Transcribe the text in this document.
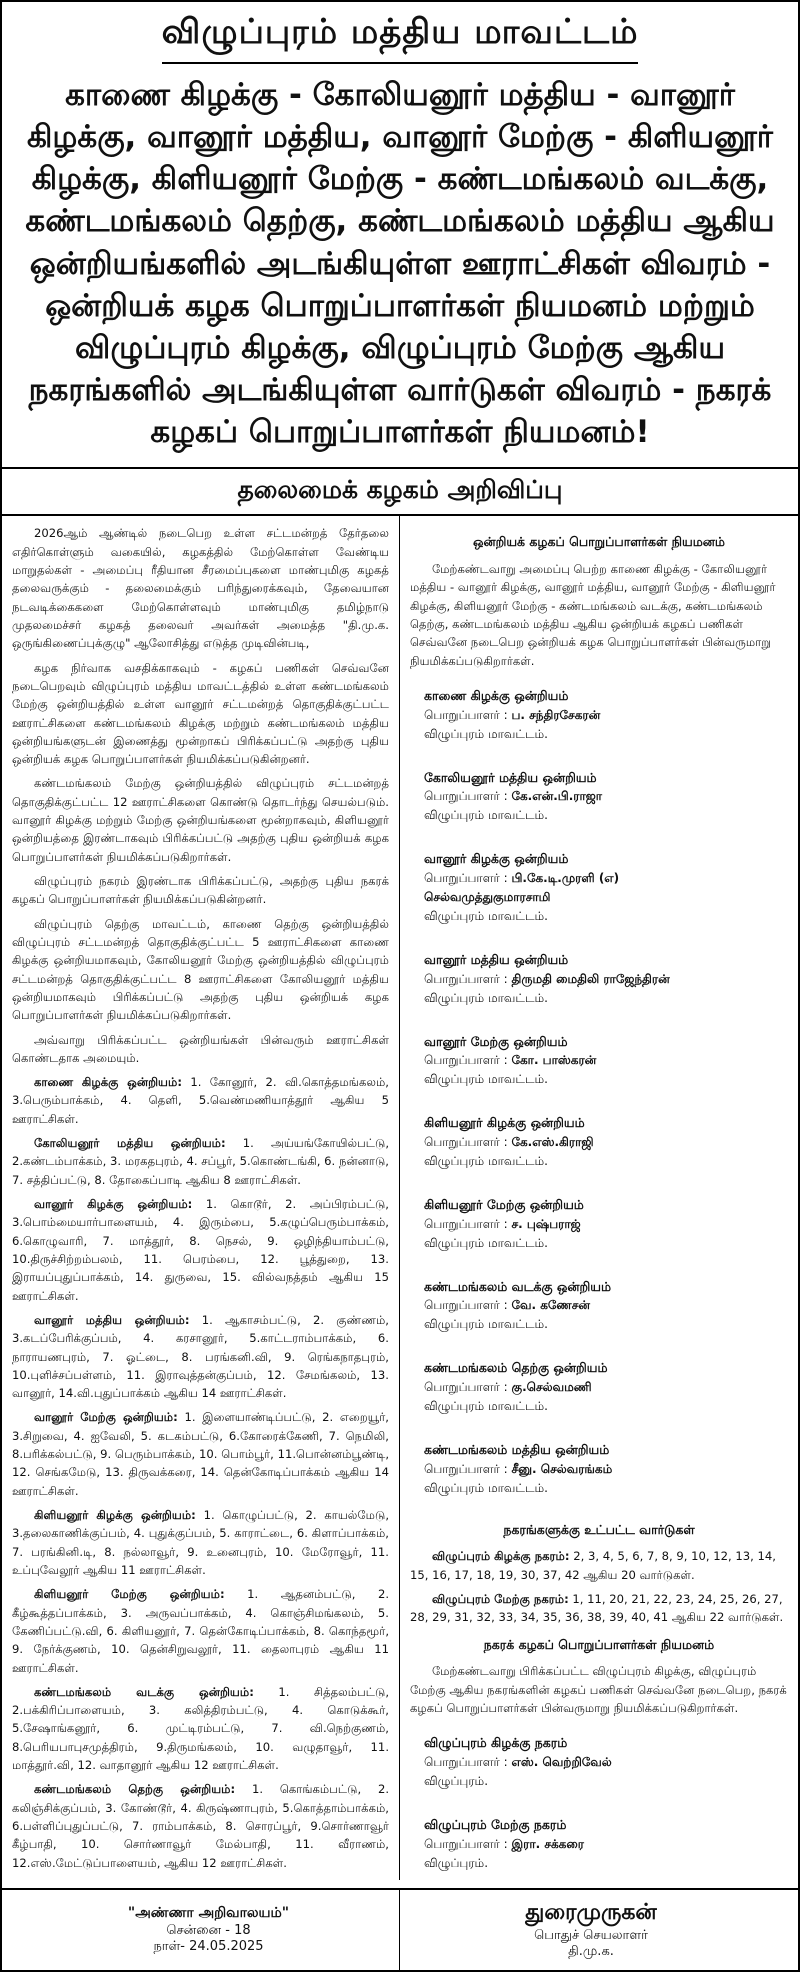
விழுப்புரம் மத்திய மாவட்டம்
காணை கிழக்கு - கோலியனூர் மத்திய - வானூர் கிழக்கு, வானூர் மத்திய, வானூர் மேற்கு - கிளியனூர் கிழக்கு, கிளியனூர் மேற்கு - கண்டமங்கலம் வடக்கு, கண்டமங்கலம் தெற்கு, கண்டமங்கலம் மத்திய ஆகிய ஒன்றியங்களில் அடங்கியுள்ள ஊராட்சிகள் விவரம் - ஒன்றியக் கழக பொறுப்பாளர்கள் நியமனம் மற்றும் விழுப்புரம் கிழக்கு, விழுப்புரம் மேற்கு ஆகிய நகரங்களில் அடங்கியுள்ள வார்டுகள் விவரம் - நகரக் கழகப் பொறுப்பாளர்கள் நியமனம்!
தலைமைக் கழகம் அறிவிப்பு

2026ஆம் ஆண்டில் நடைபெற உள்ள சட்டமன்றத் தேர்தலை எதிர்கொள்ளும் வகையில், கழகத்தில் மேற்கொள்ள வேண்டிய மாறுதல்கள் - அமைப்பு ரீதியான சீரமைப்புகளை மாண்புமிகு கழகத் தலைவருக்கும் - தலைமைக்கும் பரிந்துரைக்கவும், தேவையான நடவடிக்கைகளை மேற்கொள்ளவும் மாண்புமிகு தமிழ்நாடு முதலமைச்சர் கழகத் தலைவர் அவர்கள் அமைத்த "தி.மு.க. ஒருங்கிணைப்புக்குழு" ஆலோசித்து எடுத்த முடிவின்படி,

கழக நிர்வாக வசதிக்காகவும் - கழகப் பணிகள் செவ்வனே நடைபெறவும் விழுப்புரம் மத்திய மாவட்டத்தில் உள்ள கண்டமங்கலம் மேற்கு ஒன்றியத்தில் உள்ள வானூர் சட்டமன்றத் தொகுதிக்குட்பட்ட ஊராட்சிகளை கண்டமங்கலம் கிழக்கு மற்றும் கண்டமங்கலம் மத்திய ஒன்றியங்களுடன் இணைத்து மூன்றாகப் பிரிக்கப்பட்டு அதற்கு புதிய ஒன்றியக் கழக பொறுப்பாளர்கள் நியமிக்கப்படுகின்றனர்.

கண்டமங்கலம் மேற்கு ஒன்றியத்தில் விழுப்புரம் சட்டமன்றத் தொகுதிக்குட்பட்ட 12 ஊராட்சிகளை கொண்டு தொடர்ந்து செயல்படும். வானூர் கிழக்கு மற்றும் மேற்கு ஒன்றியங்களை மூன்றாகவும், கிளியனூர் ஒன்றியத்தை இரண்டாகவும் பிரிக்கப்பட்டு அதற்கு புதிய ஒன்றியக் கழக பொறுப்பாளர்கள் நியமிக்கப்படுகிறார்கள்.

விழுப்புரம் நகரம் இரண்டாக பிரிக்கப்பட்டு, அதற்கு புதிய நகரக் கழகப் பொறுப்பாளர்கள் நியமிக்கப்படுகின்றனர்.

விழுப்புரம் தெற்கு மாவட்டம், காணை தெற்கு ஒன்றியத்தில் விழுப்புரம் சட்டமன்றத் தொகுதிக்குட்பட்ட 5 ஊராட்சிகளை காணை கிழக்கு ஒன்றியமாகவும், கோலியனூர் மேற்கு ஒன்றியத்தில் விழுப்புரம் சட்டமன்றத் தொகுதிக்குட்பட்ட 8 ஊராட்சிகளை கோலியனூர் மத்திய ஒன்றியமாகவும் பிரிக்கப்பட்டு அதற்கு புதிய ஒன்றியக் கழக பொறுப்பாளர்கள் நியமிக்கப்படுகிறார்கள்.

அவ்வாறு பிரிக்கப்பட்ட ஒன்றியங்கள் பின்வரும் ஊராட்சிகள் கொண்டதாக அமையும்.

காணை கிழக்கு ஒன்றியம்: 1. கோனூர், 2. வி.கொத்தமங்கலம், 3.பெரும்பாக்கம், 4. தெளி, 5.வெண்மணியாத்தூர் ஆகிய 5 ஊராட்சிகள்.

கோலியனூர் மத்திய ஒன்றியம்: 1. அய்யங்கோயில்பட்டு, 2.கண்டம்பாக்கம், 3. மரகதபுரம், 4. சப்பூர், 5.கொண்டங்கி, 6. நன்னாடு, 7. சத்திப்பட்டு, 8. தோகைப்பாடி ஆகிய 8 ஊராட்சிகள்.

வானூர் கிழக்கு ஒன்றியம்: 1. கொடூர், 2. அப்பிரம்பட்டு, 3.பொம்மையார்பாளையம், 4. இரும்பை, 5.கழுப்பெரும்பாக்கம், 6.கொழுவாரி, 7. மாத்தூர், 8. நெசல், 9. ஒழிந்தியாம்பட்டு, 10.திருச்சிற்றம்பலம், 11. பெரம்பை, 12. பூத்துறை, 13. இராயப்புதுப்பாக்கம், 14. துருவை, 15. வில்வநத்தம் ஆகிய 15 ஊராட்சிகள்.

வானூர் மத்திய ஒன்றியம்: 1. ஆகாசம்பட்டு, 2. குண்ணம், 3.கடப்பேரிக்குப்பம், 4. கரசானூர், 5.காட்டராம்பாக்கம், 6. நாராயணபுரம், 7. ஓட்டை, 8. பரங்கனி.வி, 9. ரெங்கநாதபுரம், 10.புளிச்சப்பள்ளம், 11. இராவுத்தன்குப்பம், 12. சேமங்கலம், 13. வானூர், 14.வி.புதுப்பாக்கம் ஆகிய 14 ஊராட்சிகள்.

வானூர் மேற்கு ஒன்றியம்: 1. இளையாண்டிப்பட்டு, 2. எறையூர், 3.சிறுவை, 4. ஐவேலி, 5. கடகம்பட்டு, 6.கோரைக்கேணி, 7. நெமிலி, 8.பரிக்கல்பட்டு, 9. பெரும்பாக்கம், 10. பொம்பூர், 11.பொன்னம்பூண்டி, 12. செங்கமேடு, 13. திருவக்கரை, 14. தென்கோடிப்பாக்கம் ஆகிய 14 ஊராட்சிகள்.

கிளியனூர் கிழக்கு ஒன்றியம்: 1. கொழுப்பட்டு, 2. காயல்மேடு, 3.தலைகாணிக்குப்பம், 4. புதுக்குப்பம், 5. காராட்டை, 6. கிளாப்பாக்கம், 7. பரங்கினி.டி, 8. நல்லாவூர், 9. உனைபுரம், 10. மேரோவூர், 11. உப்புவேலூர் ஆகிய 11 ஊராட்சிகள்.

கிளியனூர் மேற்கு ஒன்றியம்: 1. ஆதனம்பட்டு, 2. கீழ்கூத்தப்பாக்கம், 3. அருவப்பாக்கம், 4. கொஞ்சிமங்கலம், 5. கேணிப்பட்டு.வி, 6. கிளியனூர், 7. தென்கோடிப்பாக்கம், 8. கொந்தமூர், 9. நேர்க்குணம், 10. தென்சிறுவலூர், 11. தைலாபுரம் ஆகிய 11 ஊராட்சிகள்.

கண்டமங்கலம் வடக்கு ஒன்றியம்: 1. சித்தலம்பட்டு, 2.பக்கிரிப்பாளையம், 3. கலித்திரம்பட்டு, 4. கொடுக்கூர், 5.சேஷாங்கனூர், 6. முட்டிரம்பட்டு, 7. வி.நெற்குணம், 8.பெரியபாபுசமுத்திரம், 9.திருமங்கலம், 10. வழுதாவூர், 11. மாத்தூர்.வி, 12. வாதானூர் ஆகிய 12 ஊராட்சிகள்.

கண்டமங்கலம் தெற்கு ஒன்றியம்: 1. கொங்கம்பட்டு, 2. கலிஞ்சிக்குப்பம், 3. கோண்டூர், 4. கிருஷ்ணாபுரம், 5.கொத்தாம்பாக்கம், 6.பள்ளிப்புதுப்பட்டு, 7. ராம்பாக்கம், 8. சொரப்பூர், 9.சொர்ணாவூர் கீழ்பாதி, 10. சொர்ணாவூர் மேல்பாதி, 11. வீராணம், 12.எஸ்.மேட்டுப்பாளையம், ஆகிய 12 ஊராட்சிகள்.

ஒன்றியக் கழகப் பொறுப்பாளர்கள் நியமனம்

மேற்கண்டவாறு அமைப்பு பெற்ற காணை கிழக்கு - கோலியனூர் மத்திய - வானூர் கிழக்கு, வானூர் மத்திய, வானூர் மேற்கு - கிளியனூர் கிழக்கு, கிளியனூர் மேற்கு - கண்டமங்கலம் வடக்கு, கண்டமங்கலம் தெற்கு, கண்டமங்கலம் மத்திய ஆகிய ஒன்றியக் கழகப் பணிகள் செவ்வனே நடைபெற ஒன்றியக் கழக பொறுப்பாளர்கள் பின்வருமாறு நியமிக்கப்படுகிறார்கள்.

காணை கிழக்கு ஒன்றியம்
பொறுப்பாளர் : ப. சந்திரசேகரன்
விழுப்புரம் மாவட்டம்.
கோலியனூர் மத்திய ஒன்றியம்
பொறுப்பாளர் : கே.என்.பி.ராஜா
விழுப்புரம் மாவட்டம்.
வானூர் கிழக்கு ஒன்றியம்
பொறுப்பாளர் : பி.கே.டி.முரளி (எ)
செல்வமுத்துகுமாரசாமி
விழுப்புரம் மாவட்டம்.
வானூர் மத்திய ஒன்றியம்
பொறுப்பாளர் : திருமதி மைதிலி ராஜேந்திரன்
விழுப்புரம் மாவட்டம்.
வானூர் மேற்கு ஒன்றியம்
பொறுப்பாளர் : கோ. பாஸ்கரன்
விழுப்புரம் மாவட்டம்.
கிளியனூர் கிழக்கு ஒன்றியம்
பொறுப்பாளர் : கே.எஸ்.கிராஜி
விழுப்புரம் மாவட்டம்.
கிளியனூர் மேற்கு ஒன்றியம்
பொறுப்பாளர் : ச. புஷ்பராஜ்
விழுப்புரம் மாவட்டம்.
கண்டமங்கலம் வடக்கு ஒன்றியம்
பொறுப்பாளர் : வே. கணேசன்
விழுப்புரம் மாவட்டம்.
கண்டமங்கலம் தெற்கு ஒன்றியம்
பொறுப்பாளர் : கு.செல்வமணி
விழுப்புரம் மாவட்டம்.
கண்டமங்கலம் மத்திய ஒன்றியம்
பொறுப்பாளர் : சீனு. செல்வரங்கம்
விழுப்புரம் மாவட்டம்.
நகரங்களுக்கு உட்பட்ட வார்டுகள்

விழுப்புரம் கிழக்கு நகரம்: 2, 3, 4, 5, 6, 7, 8, 9, 10, 12, 13, 14, 15, 16, 17, 18, 19, 30, 37, 42 ஆகிய 20 வார்டுகள்.

விழுப்புரம் மேற்கு நகரம்: 1, 11, 20, 21, 22, 23, 24, 25, 26, 27, 28, 29, 31, 32, 33, 34, 35, 36, 38, 39, 40, 41 ஆகிய 22 வார்டுகள்.

நகரக் கழகப் பொறுப்பாளர்கள் நியமனம்

மேற்கண்டவாறு பிரிக்கப்பட்ட விழுப்புரம் கிழக்கு, விழுப்புரம் மேற்கு ஆகிய நகரங்களின் கழகப் பணிகள் செவ்வனே நடைபெற, நகரக் கழகப் பொறுப்பாளர்கள் பின்வருமாறு நியமிக்கப்படுகிறார்கள்.

விழுப்புரம் கிழக்கு நகரம்
பொறுப்பாளர் : எஸ். வெற்றிவேல்
விழுப்புரம்.
விழுப்புரம் மேற்கு நகரம்
பொறுப்பாளர் : இரா. சக்கரை
விழுப்புரம்.
"அண்ணா அறிவாலயம்"
சென்னை - 18
நாள்- 24.05.2025
துரைமுருகன்
பொதுச் செயலாளர்
தி.மு.க.
